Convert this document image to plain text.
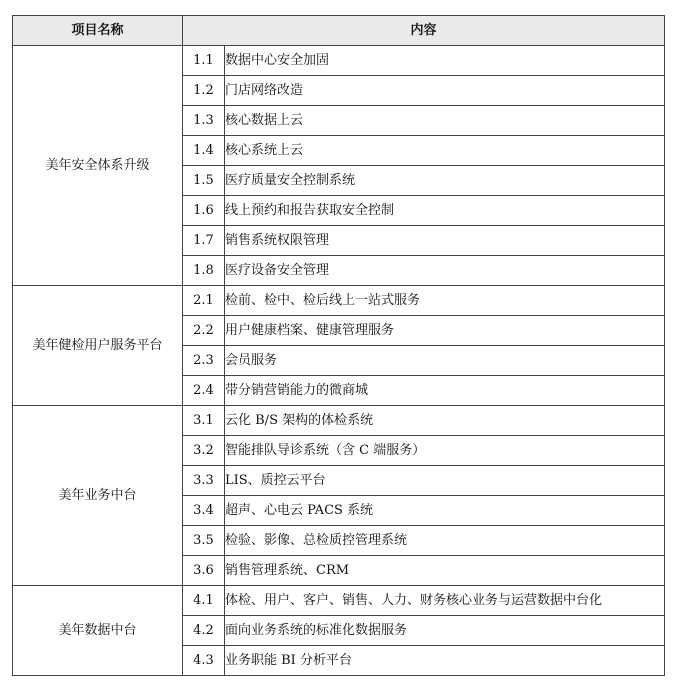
项目名称	内容	
美年安全体系升级	1.1	数据中心安全加固
	1.2	门店网络改造
	1.3	核心数据上云
	1.4	核心系统上云
	1.5	医疗质量安全控制系统
	1.6	线上预约和报告获取安全控制
	1.7	销售系统权限管理
	1.8	医疗设备安全管理
美年健检用户服务平台	2.1	检前、检中、检后线上一站式服务
	2.2	用户健康档案、健康管理服务
	2.3	会员服务
	2.4	带分销营销能力的微商城
美年业务中台	3.1	云化 B/S 架构的体检系统
	3.2	智能排队导诊系统（含 C 端服务）
	3.3	LIS、质控云平台
	3.4	超声、心电云 PACS 系统
	3.5	检验、影像、总检质控管理系统
	3.6	销售管理系统、CRM
美年数据中台	4.1	体检、用户、客户、销售、人力、财务核心业务与运营数据中台化
	4.2	面向业务系统的标准化数据服务
	4.3	业务职能 BI 分析平台
